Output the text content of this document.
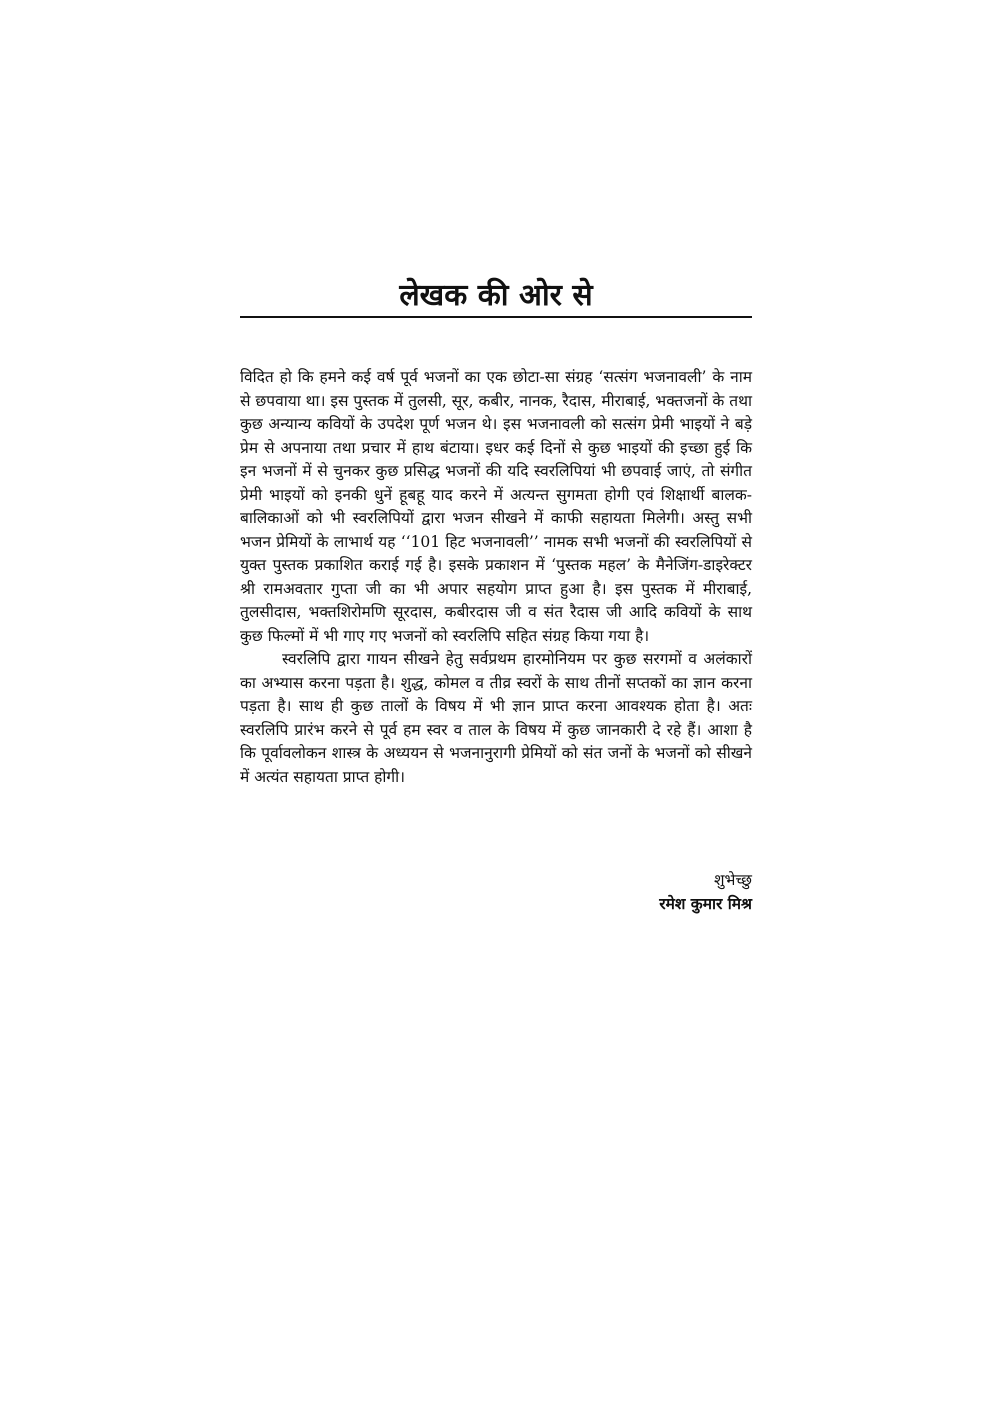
लेखक की ओर से

विदित हो कि हमने कई वर्ष पूर्व भजनों का एक छोटा-सा संग्रह ‘सत्संग भजनावली’ के नाम से छपवाया था। इस पुस्तक में तुलसी, सूर, कबीर, नानक, रैदास, मीराबाई, भक्तजनों के तथा कुछ अन्यान्य कवियों के उपदेश पूर्ण भजन थे। इस भजनावली को सत्संग प्रेमी भाइयों ने बड़े प्रेम से अपनाया तथा प्रचार में हाथ बंटाया। इधर कई दिनों से कुछ भाइयों की इच्छा हुई कि इन भजनों में से चुनकर कुछ प्रसिद्ध भजनों की यदि स्वरलिपियां भी छपवाई जाएं, तो संगीत प्रेमी भाइयों को इनकी धुनें हूबहू याद करने में अत्यन्त सुगमता होगी एवं शिक्षार्थी बालक-बालिकाओं को भी स्वरलिपियों द्वारा भजन सीखने में काफी सहायता मिलेगी। अस्तु सभी भजन प्रेमियों के लाभार्थ यह ‘‘101 हिट भजनावली’’ नामक सभी भजनों की स्वरलिपियों से युक्त पुस्तक प्रकाशित कराई गई है। इसके प्रकाशन में ‘पुस्तक महल’ के मैनेजिंग-डाइरेक्टर श्री रामअवतार गुप्ता जी का भी अपार सहयोग प्राप्त हुआ है। इस पुस्तक में मीराबाई, तुलसीदास, भक्तशिरोमणि सूरदास, कबीरदास जी व संत रैदास जी आदि कवियों के साथ कुछ फिल्मों में भी गाए गए भजनों को स्वरलिपि सहित संग्रह किया गया है।

स्वरलिपि द्वारा गायन सीखने हेतु सर्वप्रथम हारमोनियम पर कुछ सरगमों व अलंकारों का अभ्यास करना पड़ता है। शुद्ध, कोमल व तीव्र स्वरों के साथ तीनों सप्तकों का ज्ञान करना पड़ता है। साथ ही कुछ तालों के विषय में भी ज्ञान प्राप्त करना आवश्यक होता है। अतः स्वरलिपि प्रारंभ करने से पूर्व हम स्वर व ताल के विषय में कुछ जानकारी दे रहे हैं। आशा है कि पूर्वावलोकन शास्त्र के अध्ययन से भजनानुरागी प्रेमियों को संत जनों के भजनों को सीखने में अत्यंत सहायता प्राप्त होगी।

शुभेच्छु
रमेश कुमार मिश्र
